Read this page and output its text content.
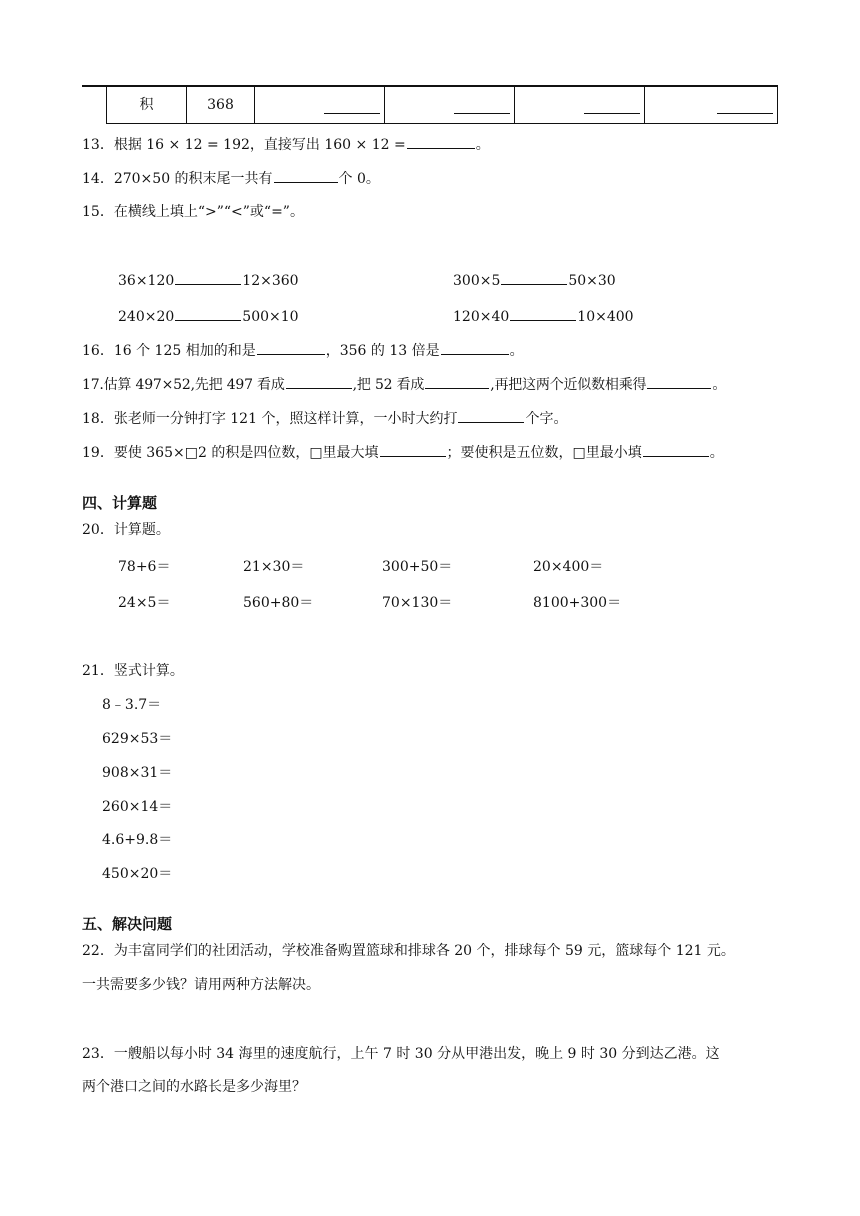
积	368
13．根据 16 × 12 = 192，直接写出 160 × 12 =	。
14．270×50 的积末尾一共有	个 0。
15．在横线上填上“>”“<”或“=”。
36×120	12×360	300×5	50×30
240×20	500×10	120×40	10×400
16．16 个 125 相加的和是	，356 的 13 倍是	。
17.估算 497×52,先把 497 看成	,把 52 看成	,再把这两个近似数相乘得	。
18．张老师一分钟打字 121 个，照这样计算，一小时大约打	个字。
19．要使 365×□2 的积是四位数，□里最大填	；要使积是五位数，□里最小填	。
四、计算题
20．计算题。
78+6＝	21×30＝	300+50＝	20×400＝
24×5＝	560+80＝	70×130＝	8100+300＝
21．竖式计算。
8﹣3.7＝
629×53＝
908×31＝
260×14＝
4.6+9.8＝
450×20＝
五、解决问题
22．为丰富同学们的社团活动，学校准备购置篮球和排球各 20 个，排球每个 59 元，篮球每个 121 元。
一共需要多少钱？请用两种方法解决。
23．一艘船以每小时 34 海里的速度航行，上午 7 时 30 分从甲港出发，晚上 9 时 30 分到达乙港。这
两个港口之间的水路长是多少海里？
